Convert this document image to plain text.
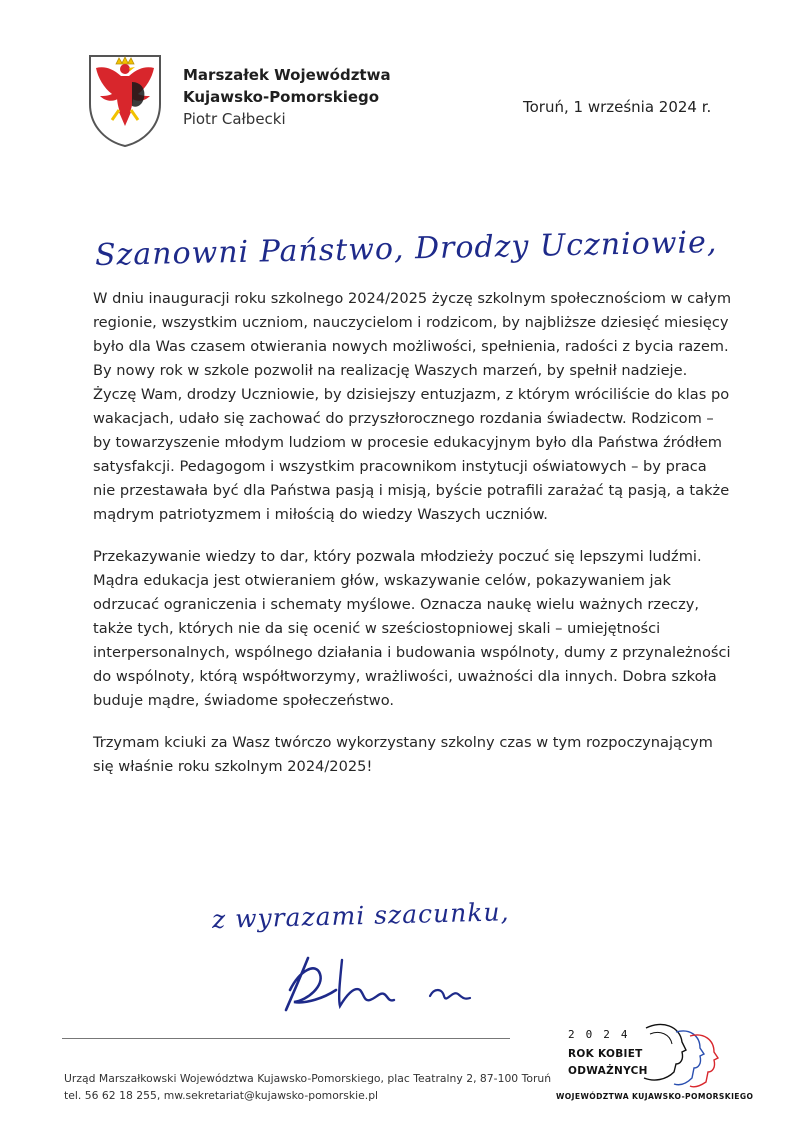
Marszałek Województwa
Kujawsko-Pomorskiego
Piotr Całbecki
Toruń, 1 września 2024 r.
Szanowni Państwo, Drodzy Uczniowie,

W dniu inauguracji roku szkolnego 2024/2025 życzę szkolnym społecznościom w całym regionie, wszystkim uczniom, nauczycielom i rodzicom, by najbliższe dziesięć miesięcy było dla Was czasem otwierania nowych możliwości, spełnienia, radości z bycia razem. By nowy rok w szkole pozwolił na realizację Waszych marzeń, by spełnił nadzieje. Życzę Wam, drodzy Uczniowie, by dzisiejszy entuzjazm, z którym wróciliście do klas po wakacjach, udało się zachować do przyszłorocznego rozdania świadectw. Rodzicom – by towarzyszenie młodym ludziom w procesie edukacyjnym było dla Państwa źródłem satysfakcji. Pedagogom i wszystkim pracownikom instytucji oświatowych – by praca nie przestawała być dla Państwa pasją i misją, byście potrafili zarażać tą pasją, a także mądrym patriotyzmem i miłością do wiedzy Waszych uczniów.

Przekazywanie wiedzy to dar, który pozwala młodzieży poczuć się lepszymi ludźmi. Mądra edukacja jest otwieraniem głów, wskazywanie celów, pokazywaniem jak odrzucać ograniczenia i schematy myślowe. Oznacza naukę wielu ważnych rzeczy, także tych, których nie da się ocenić w sześciostopniowej skali – umiejętności interpersonalnych, wspólnego działania i budowania wspólnoty, dumy z przynależności do wspólnoty, którą współtworzymy, wrażliwości, uważności dla innych. Dobra szkoła buduje mądre, świadome społeczeństwo.

Trzymam kciuki za Wasz twórczo wykorzystany szkolny czas w tym rozpoczynającym się właśnie roku szkolnym 2024/2025!

z wyrazami szacunku,
Urząd Marszałkowski Województwa Kujawsko-Pomorskiego, plac Teatralny 2, 87-100 Toruń
tel. 56 62 18 255, mw.sekretariat@kujawsko-pomorskie.pl
2024
ROK KOBIET
ODWAŻNYCH
WOJEWÓDZTWA KUJAWSKO-POMORSKIEGO
